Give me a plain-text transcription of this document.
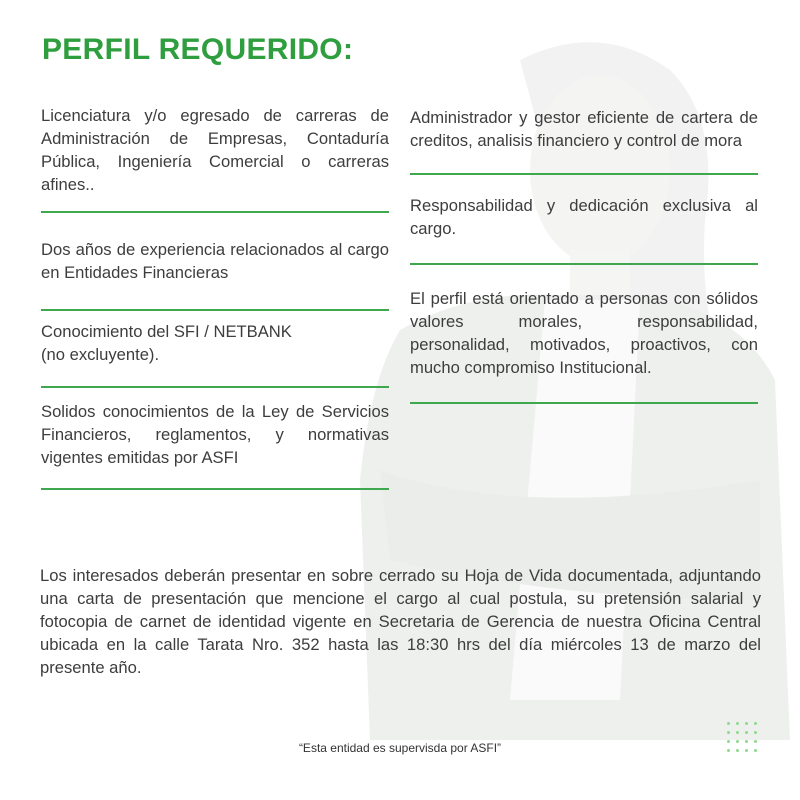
PERFIL REQUERIDO:
Licenciatura y/o egresado de carreras de Administración de Empresas, Contaduría Pública, Ingeniería Comercial o carreras afines..
Dos años de experiencia relacionados al cargo en Entidades Financieras
Conocimiento del SFI / NETBANK
(no excluyente).
Solidos conocimientos de la Ley de Servicios Financieros, reglamentos, y normativas vigentes emitidas por ASFI
Administrador y gestor eficiente de cartera de creditos, analisis financiero y control de mora
Responsabilidad y dedicación exclusiva al cargo.
El perfil está orientado a personas con sólidos valores morales, responsabilidad, personalidad, motivados, proactivos, con mucho compromiso Institucional.

Los interesados deberán presentar en sobre cerrado su Hoja de Vida documentada, adjuntando una carta de presentación que mencione el cargo al cual postula, su pretensión salarial y fotocopia de carnet de identidad vigente en Secretaria de Gerencia de nuestra Oficina Central ubicada en la calle Tarata Nro. 352 hasta las 18:30 hrs del día miércoles 13 de marzo del presente año.

“Esta entidad es supervisda por ASFI”
